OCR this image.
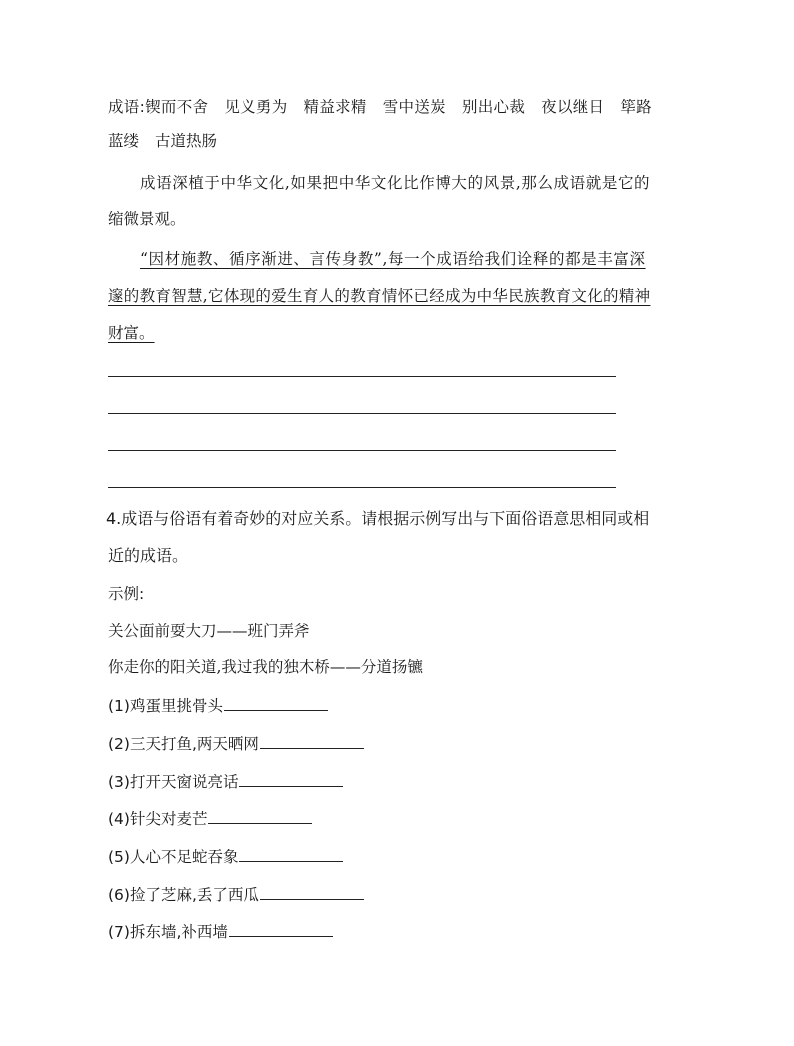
成语:锲而不舍 见义勇为 精益求精 雪中送炭 别出心裁 夜以继日 筚路
蓝缕 古道热肠
成语深植于中华文化,如果把中华文化比作博大的风景,那么成语就是它的
缩微景观。
“因材施教、循序渐进、言传身教”,每一个成语给我们诠释的都是丰富深
邃的教育智慧,它体现的爱生育人的教育情怀已经成为中华民族教育文化的精神
财富。
4.成语与俗语有着奇妙的对应关系。请根据示例写出与下面俗语意思相同或相
近的成语。
示例:
关公面前耍大刀——班门弄斧
你走你的阳关道,我过我的独木桥——分道扬镳
(1)鸡蛋里挑骨头
(2)三天打鱼,两天晒网
(3)打开天窗说亮话
(4)针尖对麦芒
(5)人心不足蛇吞象
(6)捡了芝麻,丢了西瓜
(7)拆东墙,补西墙
